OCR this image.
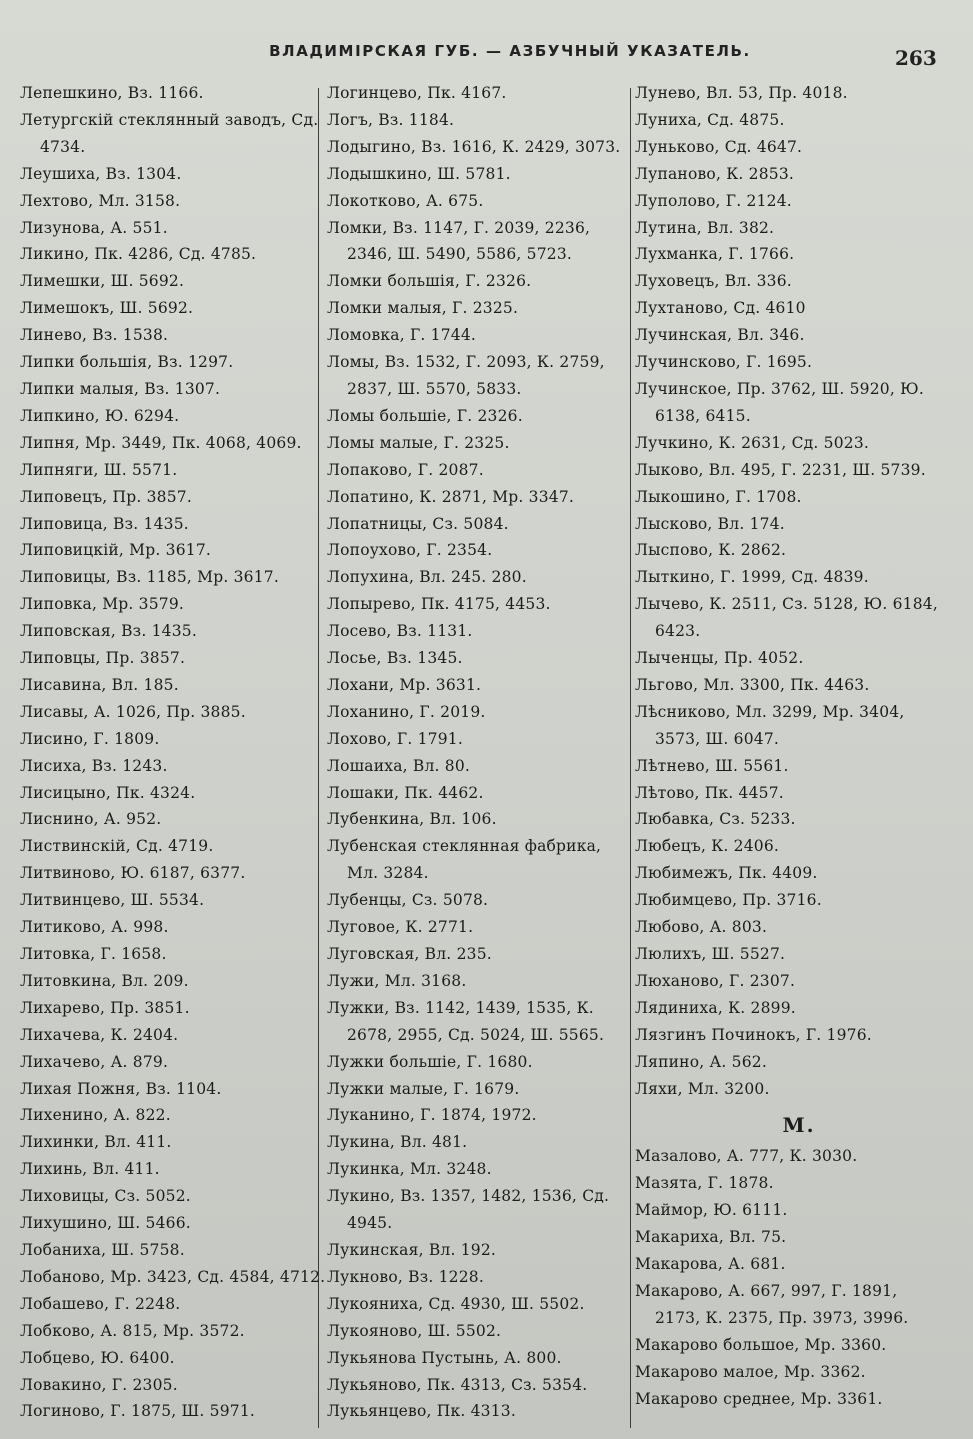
ВЛАДИМІРСКАЯ ГУБ. — АЗБУЧНЫЙ УКАЗАТЕЛЬ.	263
Лепешкино, Вз. 1166.
Летургскій стеклянный заводъ, Сд.
4734.
Леушиха, Вз. 1304.
Лехтово, Мл. 3158.
Лизунова, А. 551.
Ликино, Пк. 4286, Сд. 4785.
Лимешки, Ш. 5692.
Лимешокъ, Ш. 5692.
Линево, Вз. 1538.
Липки большія, Вз. 1297.
Липки малыя, Вз. 1307.
Липкино, Ю. 6294.
Липня, Мр. 3449, Пк. 4068, 4069.
Липняги, Ш. 5571.
Липовецъ, Пр. 3857.
Липовица, Вз. 1435.
Липовицкій, Мр. 3617.
Липовицы, Вз. 1185, Мр. 3617.
Липовка, Мр. 3579.
Липовская, Вз. 1435.
Липовцы, Пр. 3857.
Лисавина, Вл. 185.
Лисавы, А. 1026, Пр. 3885.
Лисино, Г. 1809.
Лисиха, Вз. 1243.
Лисицыно, Пк. 4324.
Лиснино, А. 952.
Листвинскій, Сд. 4719.
Литвиново, Ю. 6187, 6377.
Литвинцево, Ш. 5534.
Литиково, А. 998.
Литовка, Г. 1658.
Литовкина, Вл. 209.
Лихарево, Пр. 3851.
Лихачева, К. 2404.
Лихачево, А. 879.
Лихая Пожня, Вз. 1104.
Лихенино, А. 822.
Лихинки, Вл. 411.
Лихинь, Вл. 411.
Лиховицы, Сз. 5052.
Лихушино, Ш. 5466.
Лобаниха, Ш. 5758.
Лобаново, Мр. 3423, Сд. 4584, 4712.
Лобашево, Г. 2248.
Лобково, А. 815, Мр. 3572.
Лобцево, Ю. 6400.
Ловакино, Г. 2305.
Логиново, Г. 1875, Ш. 5971.
Логинцево, Пк. 4167.
Логъ, Вз. 1184.
Лодыгино, Вз. 1616, К. 2429, 3073.
Лодышкино, Ш. 5781.
Локотково, А. 675.
Ломки, Вз. 1147, Г. 2039, 2236,
2346, Ш. 5490, 5586, 5723.
Ломки большія, Г. 2326.
Ломки малыя, Г. 2325.
Ломовка, Г. 1744.
Ломы, Вз. 1532, Г. 2093, К. 2759,
2837, Ш. 5570, 5833.
Ломы большіе, Г. 2326.
Ломы малые, Г. 2325.
Лопаково, Г. 2087.
Лопатино, К. 2871, Мр. 3347.
Лопатницы, Сз. 5084.
Лопоухово, Г. 2354.
Лопухина, Вл. 245. 280.
Лопырево, Пк. 4175, 4453.
Лосево, Вз. 1131.
Лосье, Вз. 1345.
Лохани, Мр. 3631.
Лоханино, Г. 2019.
Лохово, Г. 1791.
Лошаиха, Вл. 80.
Лошаки, Пк. 4462.
Лубенкина, Вл. 106.
Лубенская стеклянная фабрика,
Мл. 3284.
Лубенцы, Сз. 5078.
Луговое, К. 2771.
Луговская, Вл. 235.
Лужи, Мл. 3168.
Лужки, Вз. 1142, 1439, 1535, К.
2678, 2955, Сд. 5024, Ш. 5565.
Лужки большіе, Г. 1680.
Лужки малые, Г. 1679.
Луканино, Г. 1874, 1972.
Лукина, Вл. 481.
Лукинка, Мл. 3248.
Лукино, Вз. 1357, 1482, 1536, Сд.
4945.
Лукинская, Вл. 192.
Лукново, Вз. 1228.
Лукояниха, Сд. 4930, Ш. 5502.
Лукояново, Ш. 5502.
Лукьянова Пустынь, А. 800.
Лукьяново, Пк. 4313, Сз. 5354.
Лукьянцево, Пк. 4313.
Лунево, Вл. 53, Пр. 4018.
Луниха, Сд. 4875.
Луньково, Сд. 4647.
Лупаново, К. 2853.
Луполово, Г. 2124.
Лутина, Вл. 382.
Лухманка, Г. 1766.
Луховецъ, Вл. 336.
Лухтаново, Сд. 4610
Лучинская, Вл. 346.
Лучинсково, Г. 1695.
Лучинское, Пр. 3762, Ш. 5920, Ю.
6138, 6415.
Лучкино, К. 2631, Сд. 5023.
Лыково, Вл. 495, Г. 2231, Ш. 5739.
Лыкошино, Г. 1708.
Лысково, Вл. 174.
Лыспово, К. 2862.
Лыткино, Г. 1999, Сд. 4839.
Лычево, К. 2511, Сз. 5128, Ю. 6184,
6423.
Лыченцы, Пр. 4052.
Льгово, Мл. 3300, Пк. 4463.
Лѣсниково, Мл. 3299, Мр. 3404,
3573, Ш. 6047.
Лѣтнево, Ш. 5561.
Лѣтово, Пк. 4457.
Любавка, Сз. 5233.
Любецъ, К. 2406.
Любимежъ, Пк. 4409.
Любимцево, Пр. 3716.
Любово, А. 803.
Люлихъ, Ш. 5527.
Люханово, Г. 2307.
Лядиниха, К. 2899.
Лязгинъ Починокъ, Г. 1976.
Ляпино, А. 562.
Ляхи, Мл. 3200.
М.
Мазалово, А. 777, К. 3030.
Мазята, Г. 1878.
Маймор, Ю. 6111.
Макариха, Вл. 75.
Макарова, А. 681.
Макарово, А. 667, 997, Г. 1891,
2173, К. 2375, Пр. 3973, 3996.
Макарово большое, Мр. 3360.
Макарово малое, Мр. 3362.
Макарово среднее, Мр. 3361.
